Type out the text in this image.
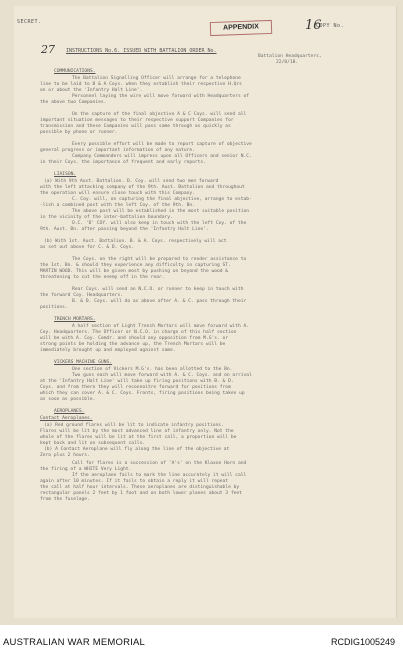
SECRET.
APPENDIX	16
COPY No.
27 INSTRUCTIONS No.6. ISSUED WITH BATTALION ORDER No.
Battalion Headquarters,
22/8/18.
COMMUNICATIONS.
The Battalion Signalling Officer will arrange for a telephone
line to be laid to B & A Coys. when they establish their respective H.Qrs
on or about the 'Infantry Halt Line'.
Personnel laying the wire will move forward with Headquarters of
the above two Companies.
On the capture of the final objective A & C Coys. will send all
important situation messages to their respective support Companies for
transmission and these Companies will pass same through as quickly as
possible by phone or runner.
Every possible effort will be made to report capture of objective
general progress or important information of any nature.
Company Commanders will impress upon all Officers and senior N.C.
in their Coys. the importance of frequent and early reports.
LIAISON.
(a) With 9th Aust. Battalion. D. Coy. will send two men forward
with the left attacking company of the 9th. Aust. Battalion and throughout
the operation will ensure close touch with this Company.
C. Coy. will, on capturing the final objective, arrange to estab-
-lish a combined post with the left Coy. of the 9th. Bn.
The above post will be established in the most suitable position
in the vicinity of the inter-battalion boundary.
O.C. 'D' COY. will also keep in touch with the left Coy. of the
9th. Aust. Bn. after passing beyond the 'Infantry Halt Line'.
(b) With 1st. Aust. Battalion. B. & A. Coys. respectively will act
as set out above for C. & D. Coys.
The Coys. on the right will be prepared to render assistance to
the 1st. Bn. & should they experience any difficulty in capturing ST.
MARTIN WOOD. This will be given most by pushing on beyond the wood &
threatening to cut the enemy off in the rear.
Rear Coys. will send an N.C.O. or runner to keep in touch with
the forward Coy. Headquarters.
B. & D. Coys. will do as above after A. & C. pass through their
positions.
TRENCH MORTARS.
A half section of Light Trench Mortars will move forward with A.
Coy. Headquarters. The Officer or N.C.O. in charge of this half section
will be with A. Coy. Comdr. and should any opposition from M.G's. or
strong points be holding the advance up, the Trench Mortars will be
immediately brought up and employed against same.
VICKERS MACHINE GUNS.
One section of Vickers M.G's. has been allotted to the Bn.
Two guns each will move forward with A. & C. Coys. and on arrival
at the 'Infantry Halt Line' will take up firing positions with B. & D.
Coys. and from there they will reconnoitre forward for positions from
which they can cover A. & C. Coys. Fronts, firing positions being taken up
as soon as possible.
AEROPLANES.
Contact Aeroplanes.
(a) Red ground flares will be lit to indicate infantry positions.
Flares will be lit by the most advanced line of infantry only. Not the
whole of the flares will be lit at the first call, a proportion will be
kept back and lit on subsequent calls.
(b) A Contact Aeroplane will fly along the line of the objective at
Zero plus 2 hours.
Call for flares is a succession of 'A's' on the Klaxon Horn and
the firing of a WHITE Very Light.
If the aeroplane fails to mark the line accurately it will call
again after 10 minutes. If it fails to obtain a reply it will repeat
the call at half hour intervals. These aeroplanes are distinguishable by
rectangular panels 2 feet by 1 foot and on both lower planes about 3 feet
from the fuselage.
AUSTRALIAN WAR MEMORIAL	RCDIG1005249
